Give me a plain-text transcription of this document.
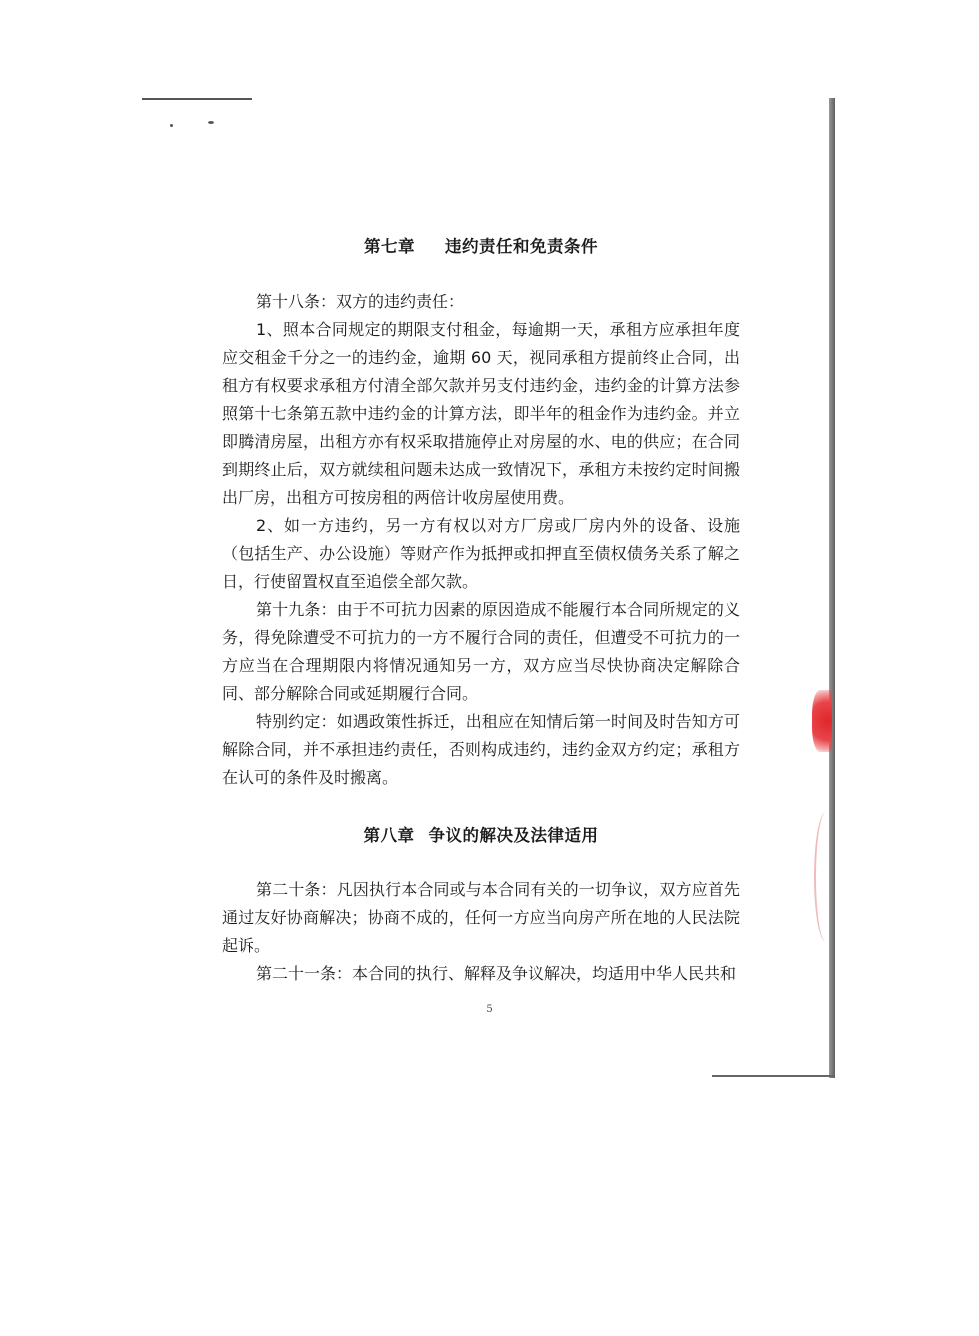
第七章 违约责任和免责条件
第十八条：双方的违约责任：
1、照本合同规定的期限支付租金，每逾期一天，承租方应承担年度应交租金千分之一的违约金，逾期 60 天，视同承租方提前终止合同，出租方有权要求承租方付清全部欠款并另支付违约金，违约金的计算方法参照第十七条第五款中违约金的计算方法，即半年的租金作为违约金。并立即腾清房屋，出租方亦有权采取措施停止对房屋的水、电的供应；在合同到期终止后，双方就续租问题未达成一致情况下，承租方未按约定时间搬出厂房，出租方可按房租的两倍计收房屋使用费。
2、如一方违约，另一方有权以对方厂房或厂房内外的设备、设施（包括生产、办公设施）等财产作为抵押或扣押直至债权债务关系了解之日，行使留置权直至追偿全部欠款。
第十九条：由于不可抗力因素的原因造成不能履行本合同所规定的义务，得免除遭受不可抗力的一方不履行合同的责任，但遭受不可抗力的一方应当在合理期限内将情况通知另一方，双方应当尽快协商决定解除合同、部分解除合同或延期履行合同。
特别约定：如遇政策性拆迁，出租应在知情后第一时间及时告知方可解除合同，并不承担违约责任，否则构成违约，违约金双方约定；承租方在认可的条件及时搬离。
第八章 争议的解决及法律适用
第二十条：凡因执行本合同或与本合同有关的一切争议，双方应首先通过友好协商解决；协商不成的，任何一方应当向房产所在地的人民法院起诉。
第二十一条：本合同的执行、解释及争议解决，均适用中华人民共和
5
